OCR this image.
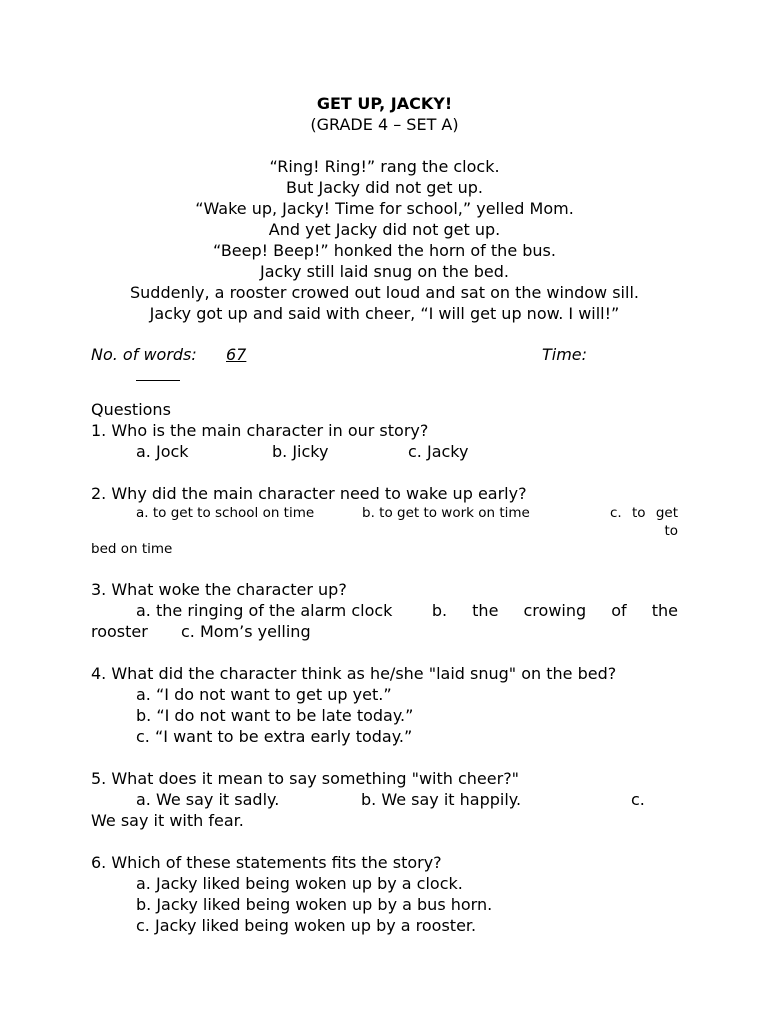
GET UP, JACKY!
(GRADE 4 – SET A)
“Ring! Ring!” rang the clock.
But Jacky did not get up.
“Wake up, Jacky! Time for school,” yelled Mom.
And yet Jacky did not get up.
“Beep! Beep!” honked the horn of the bus.
Jacky still laid snug on the bed.
Suddenly, a rooster crowed out loud and sat on the window sill.
Jacky got up and said with cheer, “I will get up now. I will!”
No. of words: 67	Time:
Questions
1. Who is the main character in our story?
a. Jock	b. Jicky	c. Jacky
2. Why did the main character need to wake up early?
a. to get to school on time	b. to get to work on time	c. to get to
bed on time
3. What woke the character up?
a. the ringing of the alarm clock	b. the crowing of the
rooster c. Mom’s yelling
4. What did the character think as he/she "laid snug" on the bed?
a. “I do not want to get up yet.”
b. “I do not want to be late today.”
c. “I want to be extra early today.”
5. What does it mean to say something "with cheer?"
a. We say it sadly.	b. We say it happily.	c.
We say it with fear.
6. Which of these statements fits the story?
a. Jacky liked being woken up by a clock.
b. Jacky liked being woken up by a bus horn.
c. Jacky liked being woken up by a rooster.
